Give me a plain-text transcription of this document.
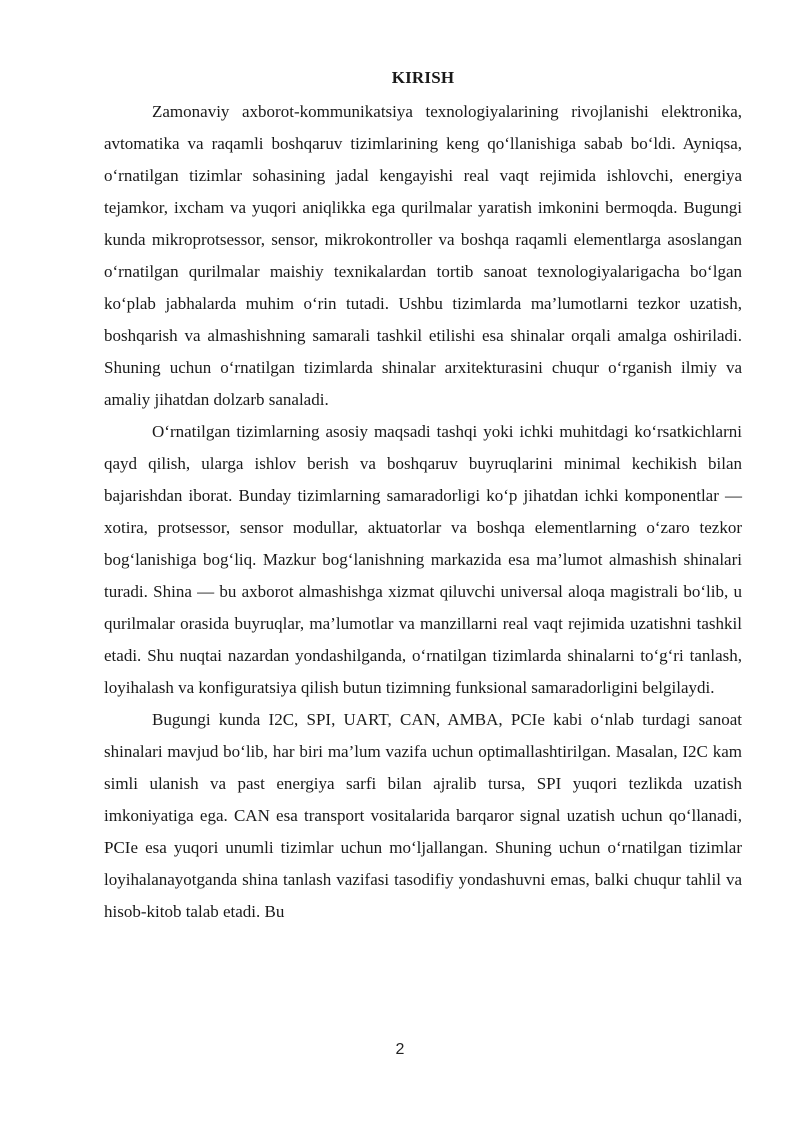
KIRISH

Zamonaviy axborot-kommunikatsiya texnologiyalarining rivojlanishi elektronika, avtomatika va raqamli boshqaruv tizimlarining keng qo‘llanishiga sabab bo‘ldi. Ayniqsa, o‘rnatilgan tizimlar sohasining jadal kengayishi real vaqt rejimida ishlovchi, energiya tejamkor, ixcham va yuqori aniqlikka ega qurilmalar yaratish imkonini bermoqda. Bugungi kunda mikroprotsessor, sensor, mikrokontroller va boshqa raqamli elementlarga asoslangan o‘rnatilgan qurilmalar maishiy texnikalardan tortib sanoat texnologiyalarigacha bo‘lgan ko‘plab jabhalarda muhim o‘rin tutadi. Ushbu tizimlarda ma’lumotlarni tezkor uzatish, boshqarish va almashishning samarali tashkil etilishi esa shinalar orqali amalga oshiriladi. Shuning uchun o‘rnatilgan tizimlarda shinalar arxitekturasini chuqur o‘rganish ilmiy va amaliy jihatdan dolzarb sanaladi.

O‘rnatilgan tizimlarning asosiy maqsadi tashqi yoki ichki muhitdagi ko‘rsatkichlarni qayd qilish, ularga ishlov berish va boshqaruv buyruqlarini minimal kechikish bilan bajarishdan iborat. Bunday tizimlarning samaradorligi ko‘p jihatdan ichki komponentlar — xotira, protsessor, sensor modullar, aktuatorlar va boshqa elementlarning o‘zaro tezkor bog‘lanishiga bog‘liq. Mazkur bog‘lanishning markazida esa ma’lumot almashish shinalari turadi. Shina — bu axborot almashishga xizmat qiluvchi universal aloqa magistrali bo‘lib, u qurilmalar orasida buyruqlar, ma’lumotlar va manzillarni real vaqt rejimida uzatishni tashkil etadi. Shu nuqtai nazardan yondashilganda, o‘rnatilgan tizimlarda shinalarni to‘g‘ri tanlash, loyihalash va konfiguratsiya qilish butun tizimning funksional samaradorligini belgilaydi.

Bugungi kunda I2C, SPI, UART, CAN, AMBA, PCIe kabi o‘nlab turdagi sanoat shinalari mavjud bo‘lib, har biri ma’lum vazifa uchun optimallashtirilgan. Masalan, I2C kam simli ulanish va past energiya sarfi bilan ajralib tursa, SPI yuqori tezlikda uzatish imkoniyatiga ega. CAN esa transport vositalarida barqaror signal uzatish uchun qo‘llanadi, PCIe esa yuqori unumli tizimlar uchun mo‘ljallangan. Shuning uchun o‘rnatilgan tizimlar loyihalanayotganda shina tanlash vazifasi tasodifiy yondashuvni emas, balki chuqur tahlil va hisob-kitob talab etadi. Bu

2
